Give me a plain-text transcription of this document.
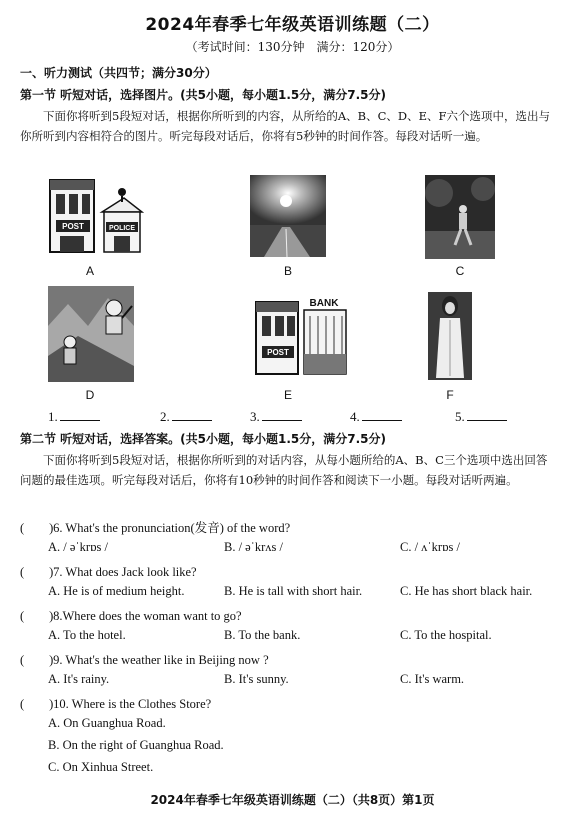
2024年春季七年级英语训练题（二）
（考试时间：130分钟　满分：120分）
一、听力测试（共四节；满分30分）
第一节 听短对话，选择图片。(共5小题，每小题1.5分，满分7.5分)
下面你将听到5段短对话，根据你所听到的内容，从所给的A、B、C、D、E、F六个选项中，选出与你所听到内容相符合的图片。听完每段对话后，你将有5秒钟的时间作答。每段对话听一遍。
POST	POLICE
A	B	C
D
POST
BANK
E	F
1.	2.	3.	4.	5.
第二节 听短对话，选择答案。(共5小题，每小题1.5分，满分7.5分)
下面你将听到5段短对话，根据你所听到的对话内容，从每小题所给的A、B、C三个选项中选出回答问题的最佳选项。听完每段对话后，你将有10秒钟的时间作答和阅读下一小题。每段对话听两遍。
(　　) 6. What's the pronunciation(发音) of the word?
A. / əˈkrɒs /	B. / əˈkrʌs /	C. / ʌˈkrɒs /
(　　) 7. What does Jack look like?
A. He is of medium height.	B. He is tall with short hair.	C. He has short black hair.
(　　) 8.Where does the woman want to go?
A. To the hotel.	B. To the bank.	C. To the hospital.
(　　) 9. What's the weather like in Beijing now ?
A. It's rainy.	B. It's sunny.	C. It's warm.
(　　) 10. Where is the Clothes Store?
A. On Guanghua Road.
B. On the right of Guanghua Road.
C. On Xinhua Street.
2024年春季七年级英语训练题（二）（共8页）第1页
